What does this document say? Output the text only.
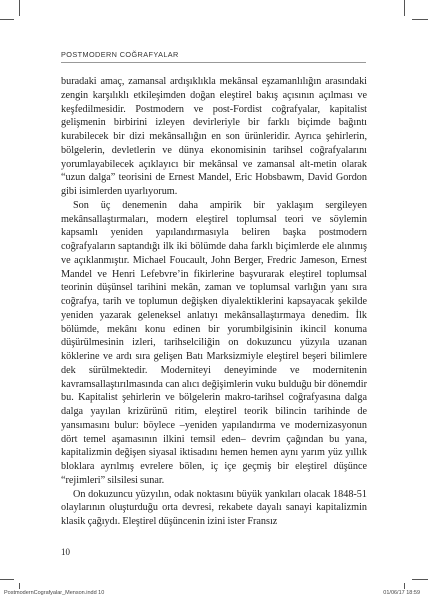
POSTMODERN COĞRAFYALAR

buradaki amaç, zamansal ardışıklıkla mekânsal eşzamanlılığın arasındaki zengin karşılıklı etkileşimden doğan eleştirel bakış açısının açılması ve keşfedilmesidir. Postmodern ve post-Fordist coğrafyalar, kapitalist gelişmenin birbirini izleyen devirleriyle bir farklı biçimde bağıntı kurabilecek bir dizi mekânsallığın en son ürünleridir. Ayrıca şehirlerin, bölgelerin, devletlerin ve dünya ekonomisinin tarihsel coğrafyalarını yorumlayabilecek açıklayıcı bir mekânsal ve zamansal alt-metin olarak “uzun dalga” teorisini de Ernest Mandel, Eric Hobsbawm, David Gordon gibi isimlerden uyarlıyorum.

Son üç denemenin daha ampirik bir yaklaşım sergileyen mekânsallaştırmaları, modern eleştirel toplumsal teori ve söylemin kapsamlı yeniden yapılandırmasıyla beliren başka postmodern coğrafyaların saptandığı ilk iki bölümde daha farklı biçimlerde ele alınmış ve açıklanmıştır. Michael Foucault, John Berger, Fredric Jameson, Ernest Mandel ve Henri Lefebvre’in fikirlerine başvurarak eleştirel toplumsal teorinin düşünsel tarihini mekân, zaman ve toplumsal varlığın yanı sıra coğrafya, tarih ve toplumun değişken diyalektiklerini kapsayacak şekilde yeniden yazarak geleneksel anlatıyı mekânsallaştırmaya denedim. İlk bölümde, mekânı konu edinen bir yorumbilgisinin ikincil konuma düşürülmesinin izleri, tarihselciliğin on dokuzuncu yüzyıla uzanan köklerine ve ardı sıra gelişen Batı Marksizmiyle eleştirel beşeri bilimlere dek sürülmektedir. Moderniteyi deneyiminde ve modernitenin kavramsallaştırılmasında can alıcı değişimlerin vuku bulduğu bir dönemdir bu. Kapitalist şehirlerin ve bölgelerin makro-tarihsel coğrafyasına dalga dalga yayılan krizürünü ritim, eleştirel teorik bilincin tarihinde de yansımasını bulur: böylece –yeniden yapılandırma ve modernizasyonun dört temel aşamasının ilkini temsil eden– devrim çağından bu yana, kapitalizmin değişen siyasal iktisadını hemen hemen aynı yarım yüz yıllık bloklara ayrılmış evrelere bölen, iç içe geçmiş bir eleştirel düşünce “rejimleri” silsilesi sunar.

On dokuzuncu yüzyılın, odak noktasını büyük yankıları olacak 1848-51 olaylarının oluşturduğu orta devresi, rekabete dayalı sanayi kapitalizmin klasik çağıydı. Eleştirel düşüncenin izini ister Fransız

10
PostmodernCografyalar_Menson.indd 10	01/06/17 18:59
